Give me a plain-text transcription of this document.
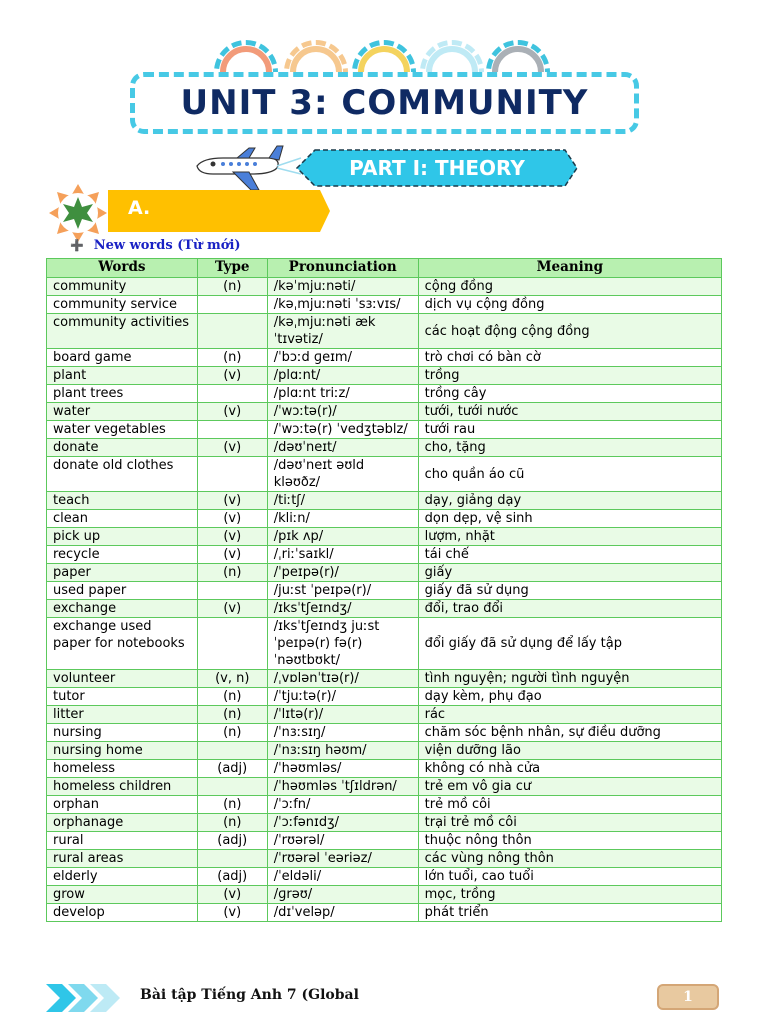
UNIT 3: COMMUNITY
PART I: THEORY
A.
➕ New words (Từ mới)
Words	Type	Pronunciation	Meaning
community	(n)	/kəˈmjuːnəti/	cộng đồng
community service		/kəˌmjuːnəti ˈsɜːvɪs/	dịch vụ cộng đồng
community activities		/kəˌmjuːnəti æk ˈtɪvətiz/	các hoạt động cộng đồng
board game	(n)	/ˈbɔːd ɡeɪm/	trò chơi có bàn cờ
plant	(v)	/plɑːnt/	trồng
plant trees		/plɑːnt triːz/	trồng cây
water	(v)	/ˈwɔːtə(r)/	tưới, tưới nước
water vegetables		/ˈwɔːtə(r) ˈvedʒtəblz/	tưới rau
donate	(v)	/dəʊˈneɪt/	cho, tặng
donate old clothes		/dəʊˈneɪt əʊld kləʊðz/	cho quần áo cũ
teach	(v)	/tiːtʃ/	dạy, giảng dạy
clean	(v)	/kliːn/	dọn dẹp, vệ sinh
pick up	(v)	/pɪk ʌp/	lượm, nhặt
recycle	(v)	/ˌriːˈsaɪkl/	tái chế
paper	(n)	/ˈpeɪpə(r)/	giấy
used paper		/juːst ˈpeɪpə(r)/	giấy đã sử dụng
exchange	(v)	/ɪksˈtʃeɪndʒ/	đổi, trao đổi
exchange used paper for notebooks		/ɪksˈtʃeɪndʒ juːst ˈpeɪpə(r) fə(r) ˈnəʊtbʊkt/	đổi giấy đã sử dụng để lấy tập
volunteer	(v, n)	/ˌvɒlənˈtɪə(r)/	tình nguyện; người tình nguyện
tutor	(n)	/ˈtjuːtə(r)/	dạy kèm, phụ đạo
litter	(n)	/ˈlɪtə(r)/	rác
nursing	(n)	/ˈnɜːsɪŋ/	chăm sóc bệnh nhân, sự điều dưỡng
nursing home		/ˈnɜːsɪŋ həʊm/	viện dưỡng lão
homeless	(adj)	/ˈhəʊmləs/	không có nhà cửa
homeless children		/ˈhəʊmləs ˈtʃɪldrən/	trẻ em vô gia cư
orphan	(n)	/ˈɔːfn/	trẻ mồ côi
orphanage	(n)	/ˈɔːfənɪdʒ/	trại trẻ mồ côi
rural	(adj)	/ˈrʊərəl/	thuộc nông thôn
rural areas		/ˈrʊərəl ˈeəriəz/	các vùng nông thôn
elderly	(adj)	/ˈeldəli/	lớn tuổi, cao tuổi
grow	(v)	/ɡrəʊ/	mọc, trồng
develop	(v)	/dɪˈveləp/	phát triển
Bài tập Tiếng Anh 7 (Global	1
